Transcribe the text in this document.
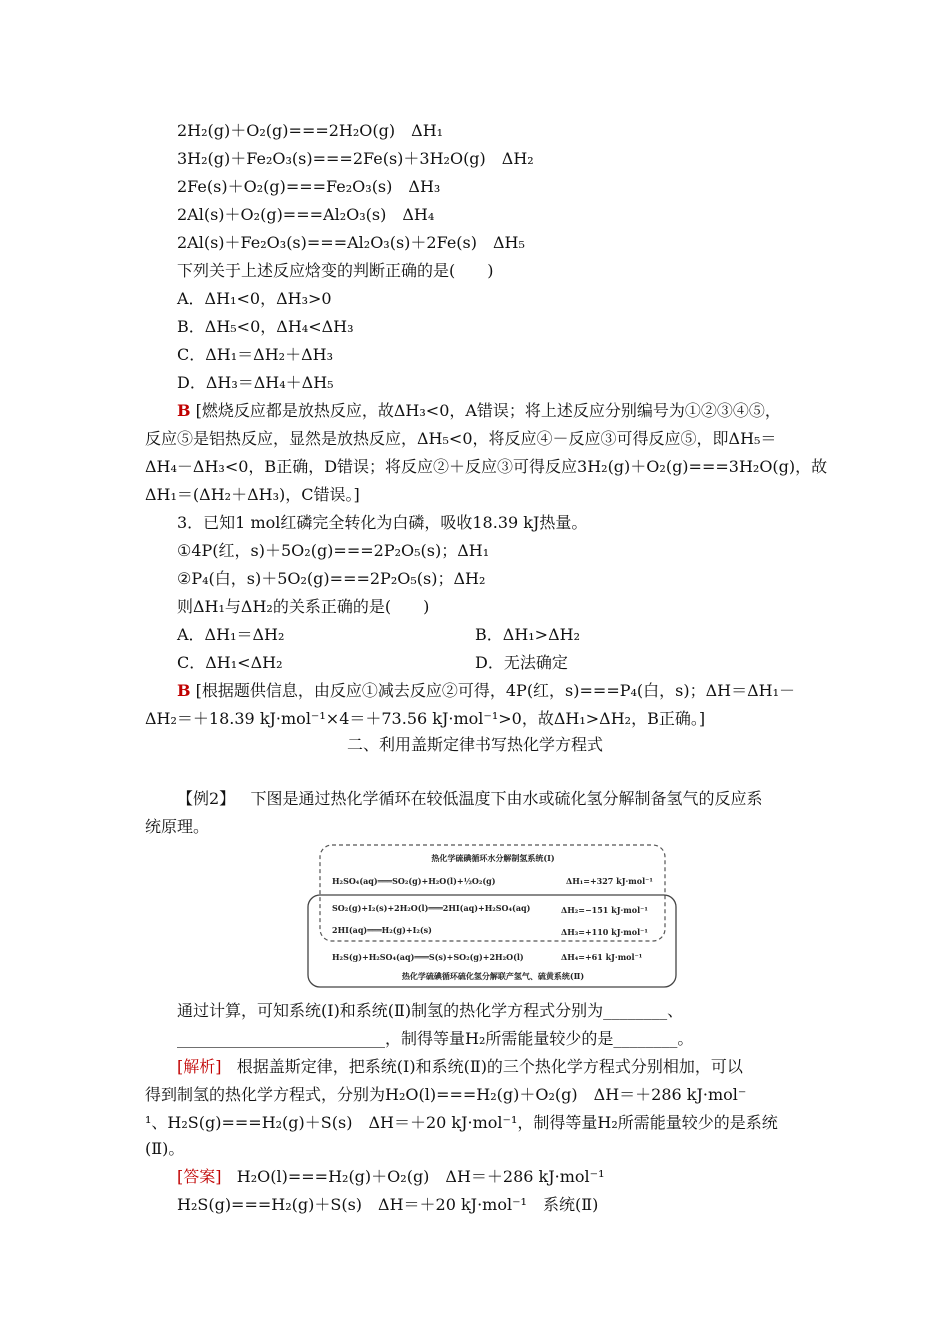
2H₂(g)＋O₂(g)===2H₂O(g)　ΔH₁
3H₂(g)＋Fe₂O₃(s)===2Fe(s)＋3H₂O(g)　ΔH₂
2Fe(s)＋O₂(g)===Fe₂O₃(s)　ΔH₃
2Al(s)＋O₂(g)===Al₂O₃(s)　ΔH₄
2Al(s)＋Fe₂O₃(s)===Al₂O₃(s)＋2Fe(s)　ΔH₅
下列关于上述反应焓变的判断正确的是(　　)
A．ΔH₁<0，ΔH₃>0
B．ΔH₅<0，ΔH₄<ΔH₃
C．ΔH₁＝ΔH₂＋ΔH₃
D．ΔH₃＝ΔH₄＋ΔH₅
B [燃烧反应都是放热反应，故ΔH₃<0，A错误；将上述反应分别编号为①②③④⑤，
反应⑤是铝热反应，显然是放热反应，ΔH₅<0，将反应④－反应③可得反应⑤，即ΔH₅＝
ΔH₄－ΔH₃<0，B正确，D错误；将反应②＋反应③可得反应3H₂(g)＋O₂(g)===3H₂O(g)，故
ΔH₁＝(ΔH₂＋ΔH₃)，C错误。]
3．已知1 mol红磷完全转化为白磷，吸收18.39 kJ热量。
①4P(红，s)＋5O₂(g)===2P₂O₅(s)；ΔH₁
②P₄(白，s)＋5O₂(g)===2P₂O₅(s)；ΔH₂
则ΔH₁与ΔH₂的关系正确的是(　　)
A．ΔH₁＝ΔH₂	B．ΔH₁>ΔH₂
C．ΔH₁<ΔH₂	D．无法确定
B [根据题供信息，由反应①减去反应②可得，4P(红，s)===P₄(白，s)；ΔH＝ΔH₁－
ΔH₂＝＋18.39 kJ·mol⁻¹×4＝＋73.56 kJ·mol⁻¹>0，故ΔH₁>ΔH₂，B正确。]
二、利用盖斯定律书写热化学方程式
【例2】 下图是通过热化学循环在较低温度下由水或硫化氢分解制备氢气的反应系
统原理。
热化学硫碘循环水分解制氢系统(Ⅰ)
H₂SO₄(aq)═══SO₂(g)+H₂O(l)+½O₂(g)	ΔH₁=+327 kJ·mol⁻¹
SO₂(g)+I₂(s)+2H₂O(l)═══2HI(aq)+H₂SO₄(aq)	ΔH₂=−151 kJ·mol⁻¹
2HI(aq)═══H₂(g)+I₂(s)	ΔH₃=+110 kJ·mol⁻¹
H₂S(g)+H₂SO₄(aq)═══S(s)+SO₂(g)+2H₂O(l)	ΔH₄=+61 kJ·mol⁻¹
热化学硫碘循环硫化氢分解联产氢气、硫黄系统(Ⅱ)
通过计算，可知系统(Ⅰ)和系统(Ⅱ)制氢的热化学方程式分别为________、
__________________________，制得等量H₂所需能量较少的是________。
[解析] 根据盖斯定律，把系统(Ⅰ)和系统(Ⅱ)的三个热化学方程式分别相加，可以
得到制氢的热化学方程式，分别为H₂O(l)===H₂(g)＋O₂(g)　ΔH＝＋286 kJ·mol⁻
¹、H₂S(g)===H₂(g)＋S(s)　ΔH＝＋20 kJ·mol⁻¹，制得等量H₂所需能量较少的是系统
(Ⅱ)。
[答案] H₂O(l)===H₂(g)＋O₂(g)　ΔH＝＋286 kJ·mol⁻¹
H₂S(g)===H₂(g)＋S(s)　ΔH＝＋20 kJ·mol⁻¹　系统(Ⅱ)
